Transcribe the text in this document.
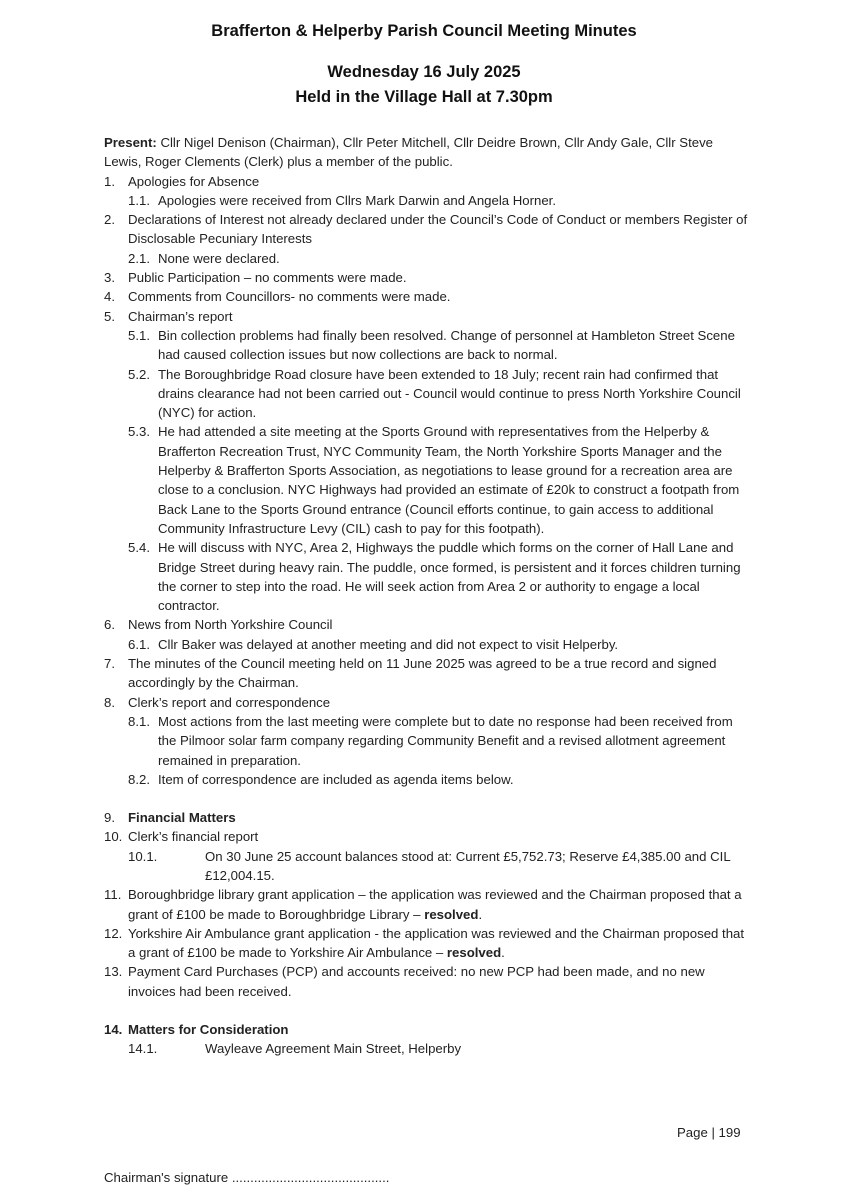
Brafferton & Helperby Parish Council Meeting Minutes
Wednesday 16 July 2025
Held in the Village Hall at 7.30pm
Present: Cllr Nigel Denison (Chairman), Cllr Peter Mitchell, Cllr Deidre Brown, Cllr Andy Gale, Cllr Steve Lewis, Roger Clements (Clerk) plus a member of the public.
1. Apologies for Absence
1.1. Apologies were received from Cllrs Mark Darwin and Angela Horner.
2. Declarations of Interest not already declared under the Council’s Code of Conduct or members Register of Disclosable Pecuniary Interests
2.1. None were declared.
3. Public Participation – no comments were made.
4. Comments from Councillors- no comments were made.
5. Chairman’s report
5.1. Bin collection problems had finally been resolved. Change of personnel at Hambleton Street Scene had caused collection issues but now collections are back to normal.
5.2. The Boroughbridge Road closure have been extended to 18 July; recent rain had confirmed that drains clearance had not been carried out - Council would continue to press North Yorkshire Council (NYC) for action.
5.3. He had attended a site meeting at the Sports Ground with representatives from the Helperby & Brafferton Recreation Trust, NYC Community Team, the North Yorkshire Sports Manager and the Helperby & Brafferton Sports Association, as negotiations to lease ground for a recreation area are close to a conclusion. NYC Highways had provided an estimate of £20k to construct a footpath from Back Lane to the Sports Ground entrance (Council efforts continue, to gain access to additional Community Infrastructure Levy (CIL) cash to pay for this footpath).
5.4. He will discuss with NYC, Area 2, Highways the puddle which forms on the corner of Hall Lane and Bridge Street during heavy rain. The puddle, once formed, is persistent and it forces children turning the corner to step into the road. He will seek action from Area 2 or authority to engage a local contractor.
6. News from North Yorkshire Council
6.1. Cllr Baker was delayed at another meeting and did not expect to visit Helperby.
7. The minutes of the Council meeting held on 11 June 2025 was agreed to be a true record and signed accordingly by the Chairman.
8. Clerk’s report and correspondence
8.1. Most actions from the last meeting were complete but to date no response had been received from the Pilmoor solar farm company regarding Community Benefit and a revised allotment agreement remained in preparation.
8.2. Item of correspondence are included as agenda items below.
9. Financial Matters
10. Clerk’s financial report
10.1.	On 30 June 25 account balances stood at: Current £5,752.73; Reserve £4,385.00 and CIL £12,004.15.
11. Boroughbridge library grant application – the application was reviewed and the Chairman proposed that a grant of £100 be made to Boroughbridge Library – resolved.
12. Yorkshire Air Ambulance grant application - the application was reviewed and the Chairman proposed that a grant of £100 be made to Yorkshire Air Ambulance – resolved.
13. Payment Card Purchases (PCP) and accounts received: no new PCP had been made, and no new invoices had been received.
14. Matters for Consideration
14.1.	Wayleave Agreement Main Street, Helperby
Page | 199
Chairman's signature ...........................................
